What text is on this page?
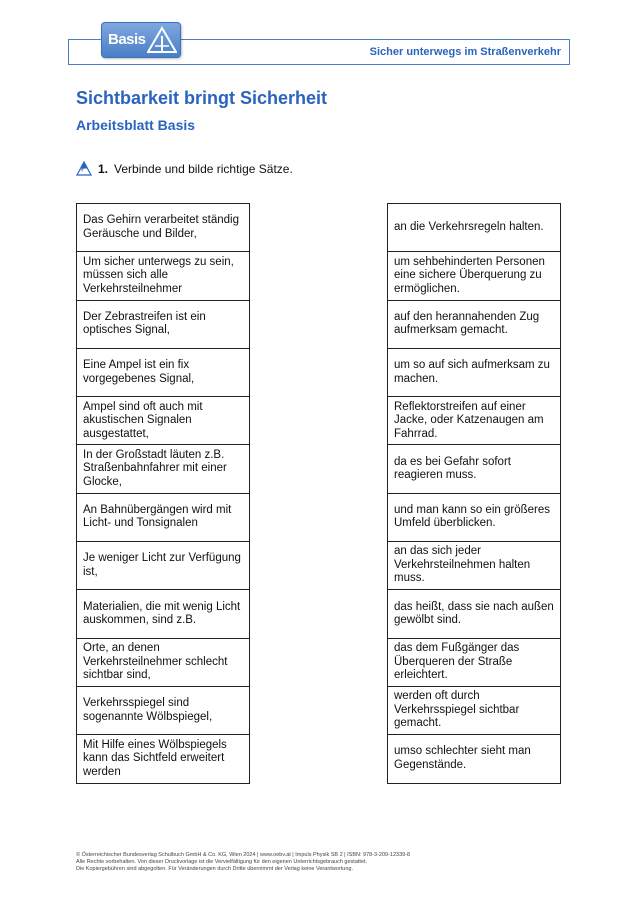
Sicher unterwegs im Straßenverkehr
Basis
Sichtbarkeit bringt Sicherheit
Arbeitsblatt Basis
1. Verbinde und bilde richtige Sätze.
Das Gehirn verarbeitet ständig Geräusche und Bilder,
Um sicher unterwegs zu sein, müssen sich alle Verkehrsteilnehmer
Der Zebrastreifen ist ein optisches Signal,
Eine Ampel ist ein fix vorgegebenes Signal,
Ampel sind oft auch mit akustischen Signalen ausgestattet,
In der Großstadt läuten z.B. Straßenbahnfahrer mit einer Glocke,
An Bahnübergängen wird mit Licht- und Tonsignalen
Je weniger Licht zur Verfügung ist,
Materialien, die mit wenig Licht auskommen, sind z.B.
Orte, an denen Verkehrsteilnehmer schlecht sichtbar sind,
Verkehrsspiegel sind sogenannte Wölbspiegel,
Mit Hilfe eines Wölbspiegels kann das Sichtfeld erweitert werden
an die Verkehrsregeln halten.
um sehbehinderten Personen eine sichere Überquerung zu ermöglichen.
auf den herannahenden Zug aufmerksam gemacht.
um so auf sich aufmerksam zu machen.
Reflektorstreifen auf einer Jacke, oder Katzenaugen am Fahrrad.
da es bei Gefahr sofort reagieren muss.
und man kann so ein größeres Umfeld überblicken.
an das sich jeder Verkehrsteilnehmen halten muss.
das heißt, dass sie nach außen gewölbt sind.
das dem Fußgänger das Überqueren der Straße erleichtert.
werden oft durch Verkehrsspiegel sichtbar gemacht.
umso schlechter sieht man Gegenstände.
© Österreichischer Bundesverlag Schulbuch GmbH & Co. KG, Wien 2024 | www.oebv.at | Impuls Physik SB 2 | ISBN: 978-3-209-12339-8
Alle Rechte vorbehalten. Von dieser Druckvorlage ist die Vervielfältigung für den eigenen Unterrichtsgebrauch gestattet.
Die Kopiergebühren sind abgegolten. Für Veränderungen durch Dritte übernimmt der Verlag keine Verantwortung.
